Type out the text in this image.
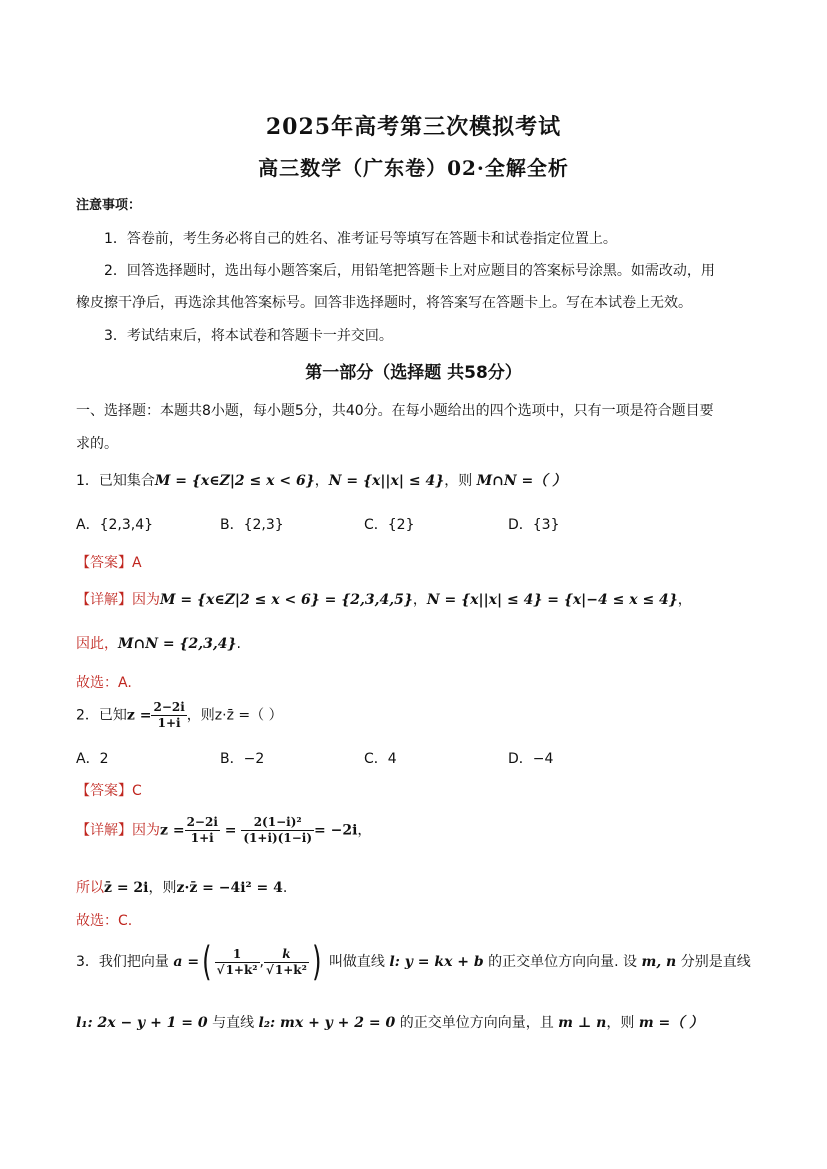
2025年高考第三次模拟考试
高三数学（广东卷）02·全解全析
注意事项：
1．答卷前，考生务必将自己的姓名、准考证号等填写在答题卡和试卷指定位置上。
2．回答选择题时，选出每小题答案后，用铅笔把答题卡上对应题目的答案标号涂黑。如需改动，用
橡皮擦干净后，再选涂其他答案标号。回答非选择题时，将答案写在答题卡上。写在本试卷上无效。
3．考试结束后，将本试卷和答题卡一并交回。
第一部分（选择题 共58分）
一、选择题：本题共8小题，每小题5分，共40分。在每小题给出的四个选项中，只有一项是符合题目要
求的。
1．已知集合M = {x∈Z|2 ≤ x < 6}，N = {x||x| ≤ 4}，则 M∩N =（ ）
A．{2,3,4}	B．{2,3}	C．{2}	D．{3}
【答案】A
【详解】因为M = {x∈Z|2 ≤ x < 6} = {2,3,4,5}，N = {x||x| ≤ 4} = {x|−4 ≤ x ≤ 4}，
因此，M∩N = {2,3,4}.
故选：A.
2．已知$z = \frac{2-2i}{1+i}$ ，则z·z̄ =（ ）
A．2	B．−2	C．4	D．−4
【答案】C
【详解】因为$z = \frac{2-2i}{1+i} = \frac{\text{2(1−i)²}}{(1+i)(1-i)} = -2i$，
所以z̄ = 2i，则z·z̄ = −4i² = 4.
故选：C.
3．我们把向量 a =( $\frac{1}{\text{√1+k²}}$ , $\frac{k}{\text{√1+k²}}$ ) 叫做直线 l: y = kx + b 的正交单位方向向量. 设 m, n 分别是直线
l₁: 2x − y + 1 = 0 与直线 l₂: mx + y + 2 = 0 的正交单位方向向量，且 m ⊥ n，则 m =（ ）
